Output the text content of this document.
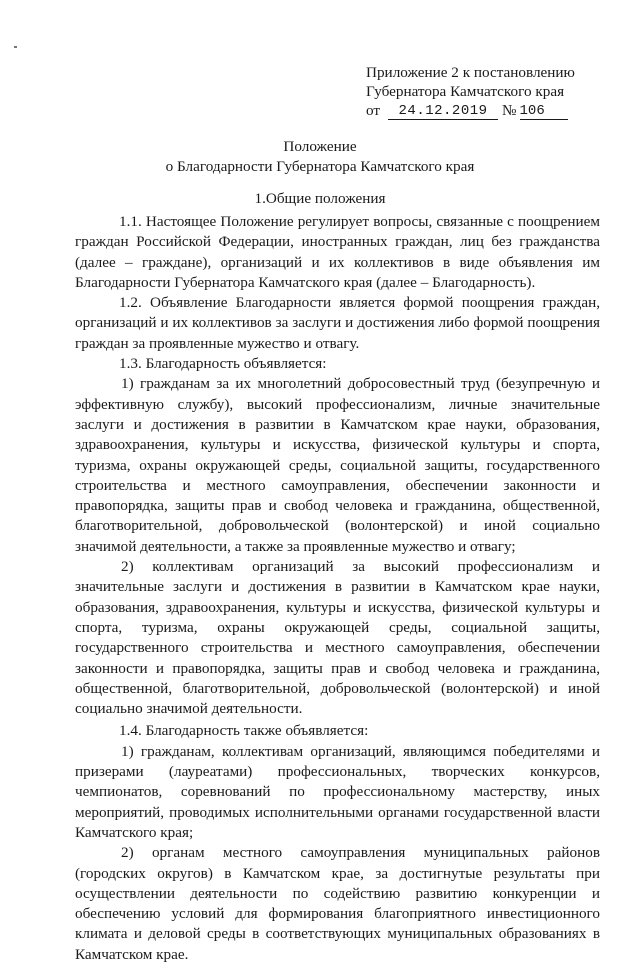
Приложение 2 к постановлению
Губернатора Камчатского края
от	24.12.2019 № 106
Положение
о Благодарности Губернатора Камчатского края
1.Общие положения

1.1. Настоящее Положение регулирует вопросы, связанные с поощрением граждан Российской Федерации, иностранных граждан, лиц без гражданства (далее – граждане), организаций и их коллективов в виде объявления им Благодарности Губернатора Камчатского края (далее – Благодарность).

1.2. Объявление Благодарности является формой поощрения граждан, организаций и их коллективов за заслуги и достижения либо формой поощрения граждан за проявленные мужество и отвагу.

1.3. Благодарность объявляется:

1) гражданам за их многолетний добросовестный труд (безупречную и эффективную службу), высокий профессионализм, личные значительные заслуги и достижения в развитии в Камчатском крае науки, образования, здравоохранения, культуры и искусства, физической культуры и спорта, туризма, охраны окружающей среды, социальной защиты, государственного строительства и местного самоуправления, обеспечении законности и правопорядка, защиты прав и свобод человека и гражданина, общественной, благотворительной, добровольческой (волонтерской) и иной социально значимой деятельности, а также за проявленные мужество и отвагу;

2) коллективам организаций за высокий профессионализм и значительные заслуги и достижения в развитии в Камчатском крае науки, образования, здравоохранения, культуры и искусства, физической культуры и спорта, туризма, охраны окружающей среды, социальной защиты, государственного строительства и местного самоуправления, обеспечении законности и правопорядка, защиты прав и свобод человека и гражданина, общественной, благотворительной, добровольческой (волонтерской) и иной социально значимой деятельности.

1.4. Благодарность также объявляется:

1) гражданам, коллективам организаций, являющимся победителями и призерами (лауреатами) профессиональных, творческих конкурсов, чемпионатов, соревнований по профессиональному мастерству, иных мероприятий, проводимых исполнительными органами государственной власти Камчатского края;

2) органам местного самоуправления муниципальных районов (городских округов) в Камчатском крае, за достигнутые результаты при осуществлении деятельности по содействию развитию конкуренции и обеспечению условий для формирования благоприятного инвестиционного климата и деловой среды в соответствующих муниципальных образованиях в Камчатском крае.
